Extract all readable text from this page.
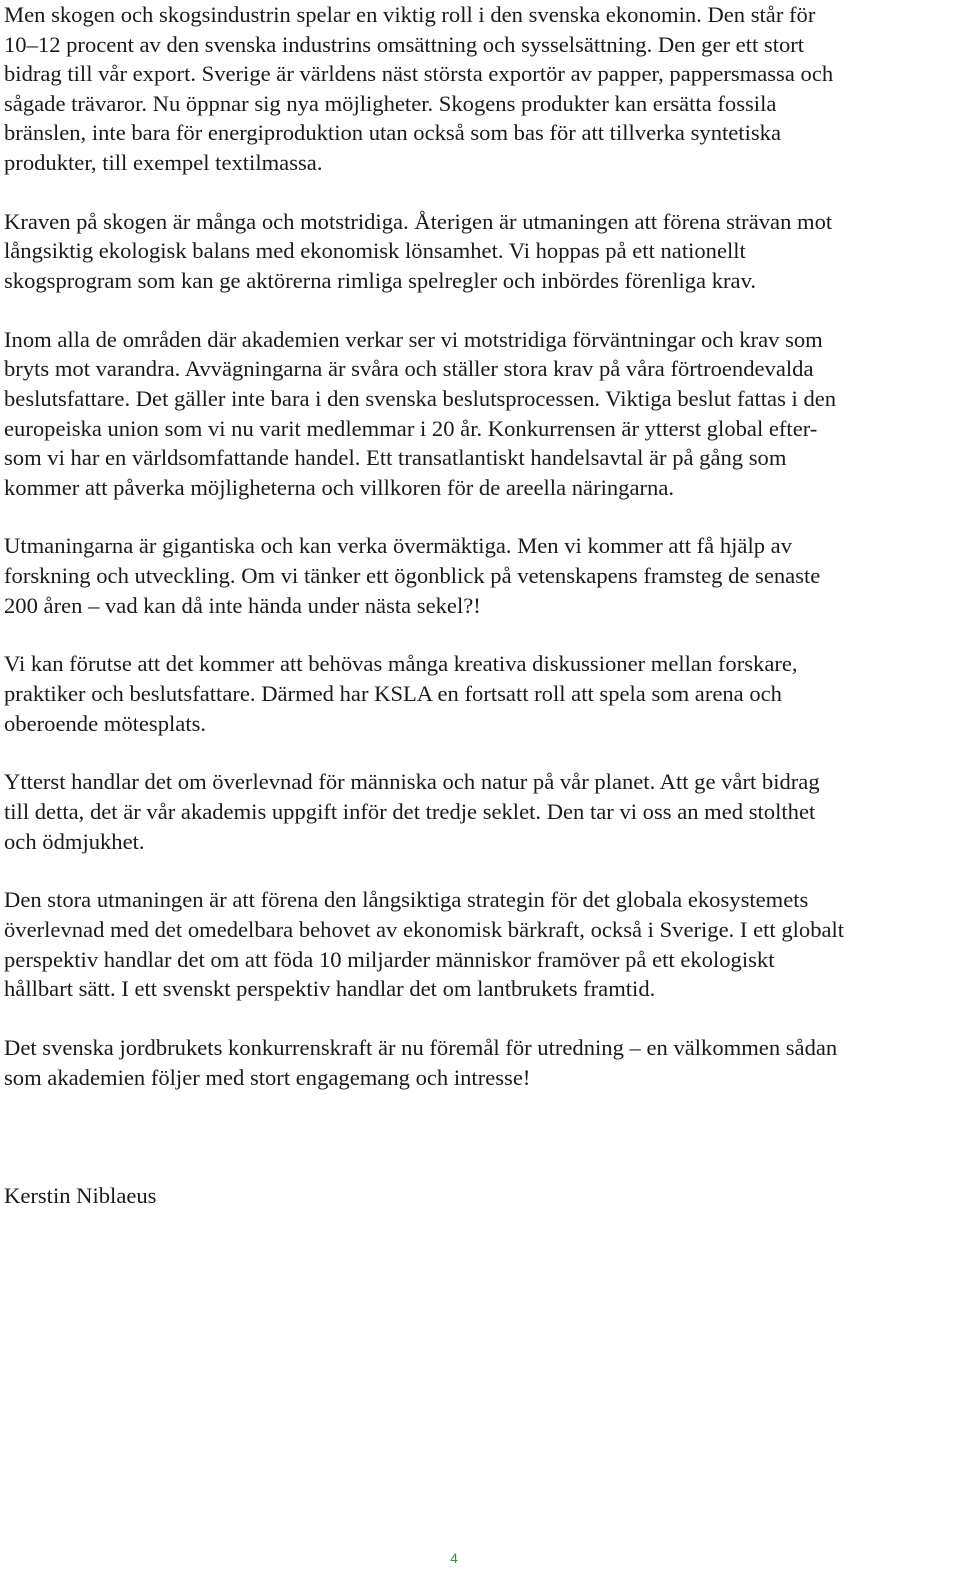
Men skogen och skogsindustrin spelar en viktig roll i den svenska ekonomin. Den står för
10–12 procent av den svenska industrins omsättning och sysselsättning. Den ger ett stort
bidrag till vår export. Sverige är världens näst största exportör av papper, pappersmassa och
sågade trävaror. Nu öppnar sig nya möjligheter. Skogens produkter kan ersätta fossila
bränslen, inte bara för energiproduktion utan också som bas för att tillverka syntetiska
produkter, till exempel textilmassa.
Kraven på skogen är många och motstridiga. Återigen är utmaningen att förena strävan mot
långsiktig ekologisk balans med ekonomisk lönsamhet. Vi hoppas på ett nationellt
skogsprogram som kan ge aktörerna rimliga spelregler och inbördes förenliga krav.
Inom alla de områden där akademien verkar ser vi motstridiga förväntningar och krav som
bryts mot varandra. Avvägningarna är svåra och ställer stora krav på våra förtroendevalda
beslutsfattare. Det gäller inte bara i den svenska beslutsprocessen. Viktiga beslut fattas i den
europeiska union som vi nu varit medlemmar i 20 år. Konkurrensen är ytterst global efter-
som vi har en världsomfattande handel. Ett transatlantiskt handelsavtal är på gång som
kommer att påverka möjligheterna och villkoren för de areella näringarna.
Utmaningarna är gigantiska och kan verka övermäktiga. Men vi kommer att få hjälp av
forskning och utveckling. Om vi tänker ett ögonblick på vetenskapens framsteg de senaste
200 åren – vad kan då inte hända under nästa sekel?!
Vi kan förutse att det kommer att behövas många kreativa diskussioner mellan forskare,
praktiker och beslutsfattare. Därmed har KSLA en fortsatt roll att spela som arena och
oberoende mötesplats.
Ytterst handlar det om överlevnad för människa och natur på vår planet. Att ge vårt bidrag
till detta, det är vår akademis uppgift inför det tredje seklet. Den tar vi oss an med stolthet
och ödmjukhet.
Den stora utmaningen är att förena den långsiktiga strategin för det globala ekosystemets
överlevnad med det omedelbara behovet av ekonomisk bärkraft, också i Sverige. I ett globalt
perspektiv handlar det om att föda 10 miljarder människor framöver på ett ekologiskt
hållbart sätt. I ett svenskt perspektiv handlar det om lantbrukets framtid.
Det svenska jordbrukets konkurrenskraft är nu föremål för utredning – en välkommen sådan
som akademien följer med stort engagemang och intresse!
Kerstin Niblaeus
4
